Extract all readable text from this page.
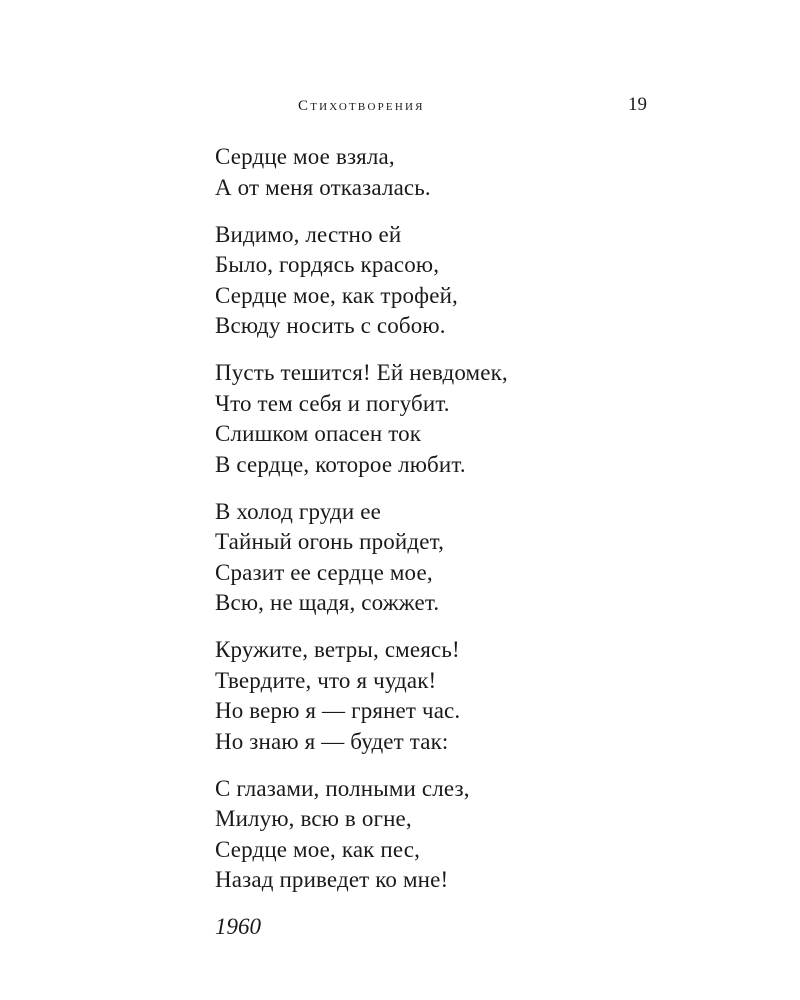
Стихотворения	19
Сердце мое взяла,
А от меня отказалась.
Видимо, лестно ей
Было, гордясь красою,
Сердце мое, как трофей,
Всюду носить с собою.
Пусть тешится! Ей невдомек,
Что тем себя и погубит.
Слишком опасен ток
В сердце, которое любит.
В холод груди ее
Тайный огонь пройдет,
Сразит ее сердце мое,
Всю, не щадя, сожжет.
Кружите, ветры, смеясь!
Твердите, что я чудак!
Но верю я — грянет час.
Но знаю я — будет так:
С глазами, полными слез,
Милую, всю в огне,
Сердце мое, как пес,
Назад приведет ко мне!
1960
